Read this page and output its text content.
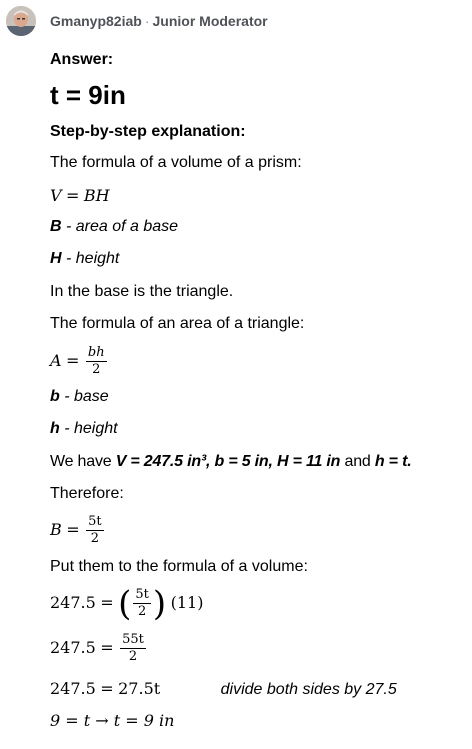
Gmanyp82iab · Junior Moderator
Answer:
t = 9in
Step-by-step explanation:
The formula of a volume of a prism:
V = BH
B - area of a base
H - height
In the base is the triangle.
The formula of an area of a triangle:
$A = \frac{bh}{2}$
b - base
h - height
We have V = 247.5 in³, b = 5 in, H = 11 in and h = t.
Therefore:
$B = \frac{5t}{2}$
Put them to the formula of a volume:
247.5 = ( $\frac{5t}{2}$ ) (11)
$247.5 = \frac{55t}{2}$
247.5 = 27.5t	divide both sides by 27.5
9 = t → t = 9 in
